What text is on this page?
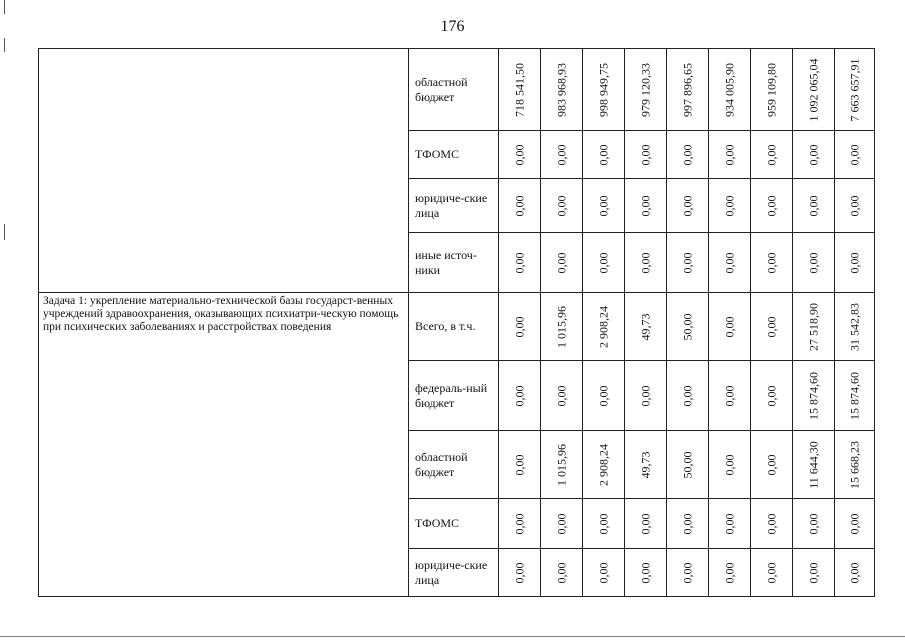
176
	областной бюджет	718 541,50	983 968,93	998 949,75	979 120,33	997 896,65	934 005,90	959 109,80	1 092 065,04	7 663 657,91

	ТФОМС	0,00	0,00	0,00	0,00	0,00	0,00	0,00	0,00	0,00

	юридиче-ские лица	0,00	0,00	0,00	0,00	0,00	0,00	0,00	0,00	0,00

	иные источ-ники	0,00	0,00	0,00	0,00	0,00	0,00	0,00	0,00	0,00

Задача 1: укрепление материально-технической базы государст-венных учреждений здравоохранения, оказывающих психиатри-ческую помощь при психических заболеваниях и расстройствах поведения	Всего, в т.ч.	0,00	1 015,96	2 908,24	49,73	50,00	0,00	0,00	27 518,90	31 542,83

	федераль-ный бюджет	0,00	0,00	0,00	0,00	0,00	0,00	0,00	15 874,60	15 874,60

	областной бюджет	0,00	1 015,96	2 908,24	49,73	50,00	0,00	0,00	11 644,30	15 668,23

	ТФОМС	0,00	0,00	0,00	0,00	0,00	0,00	0,00	0,00	0,00

	юридиче-ские лица	0,00	0,00	0,00	0,00	0,00	0,00	0,00	0,00	0,00
